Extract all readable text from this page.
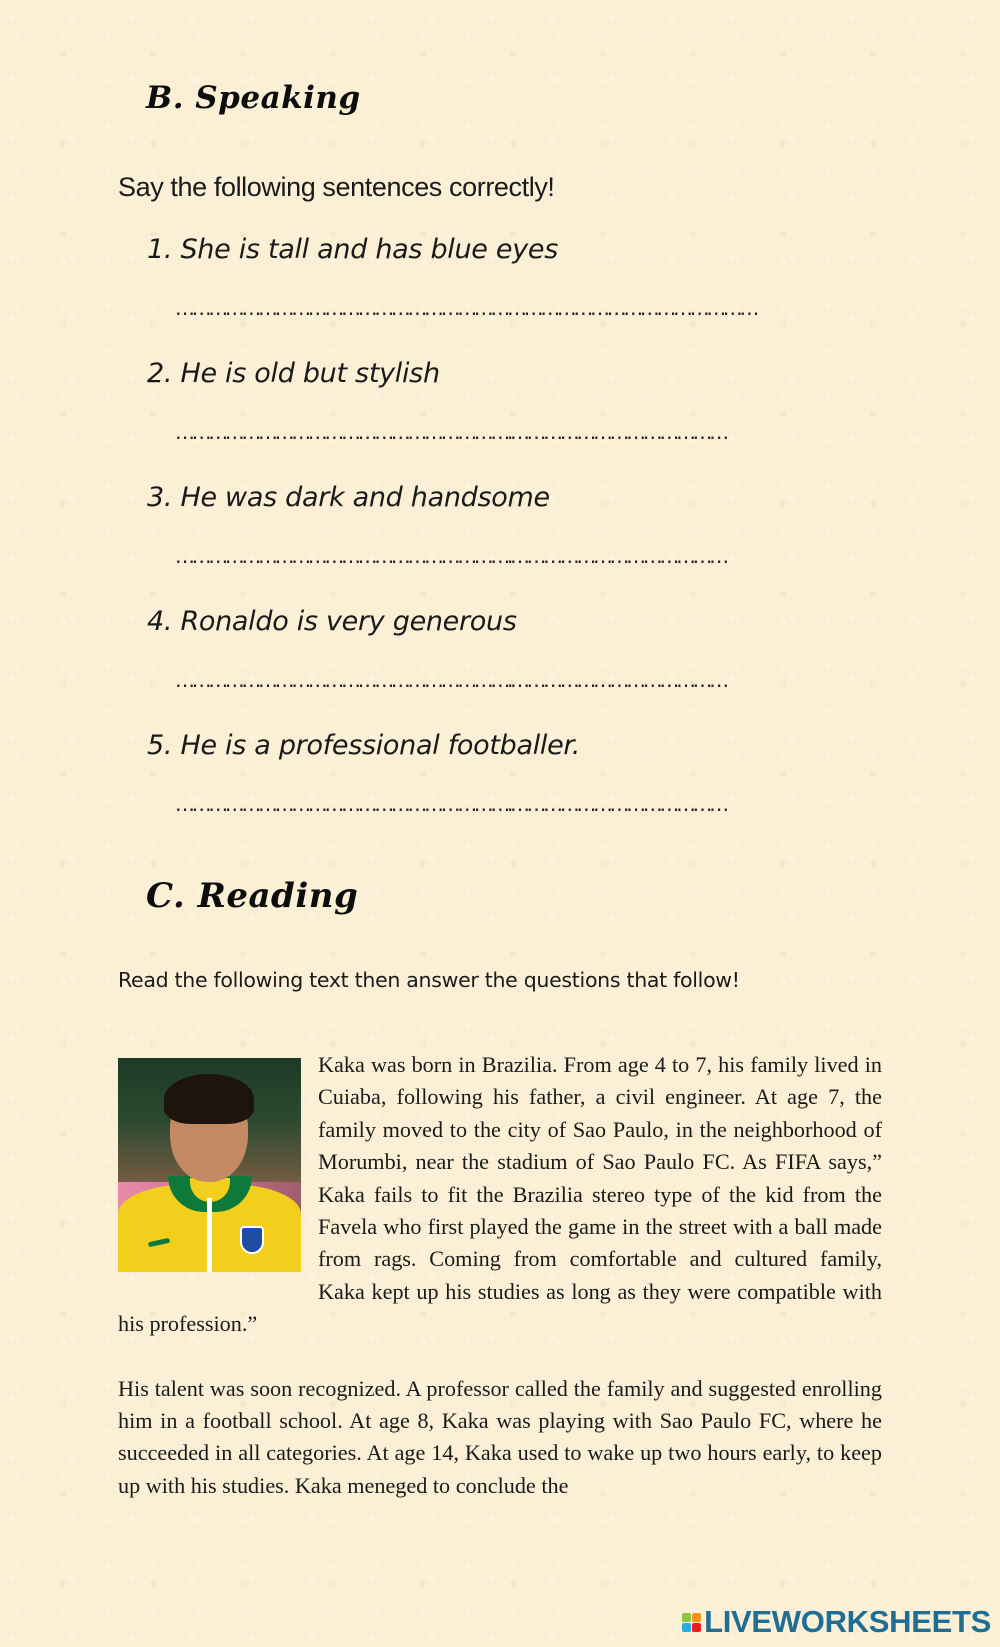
B. Speaking
Say the following sentences correctly!
1. She is tall and has blue eyes
……………………………………………………………………………………………
2. He is old but stylish
…………………………………………………….…………………………………
3. He was dark and handsome
…………………………………………………….…………………………………
4. Ronaldo is very generous
…………………………………………………….…………………………………
5. He is a professional footballer.
…………………………………………………….…………………………………
C. Reading
Read the following text then answer the questions that follow!

Kaka was born in Brazilia. From age 4 to 7, his family lived in Cuiaba, following his father, a civil engineer. At age 7, the family moved to the city of Sao Paulo, in the neighborhood of Morumbi, near the stadium of Sao Paulo FC. As FIFA says,” Kaka fails to fit the Brazilia stereo type of the kid from the Favela who first played the game in the street with a ball made from rags. Coming from comfortable and cultured family, Kaka kept up his studies as long as they were compatible with his profession.”

His talent was soon recognized. A professor called the family and suggested enrolling him in a football school. At age 8, Kaka was playing with Sao Paulo FC, where he succeeded in all categories. At age 14, Kaka used to wake up two hours early, to keep up with his studies. Kaka meneged to conclude the

LIVEWORKSHEETS
